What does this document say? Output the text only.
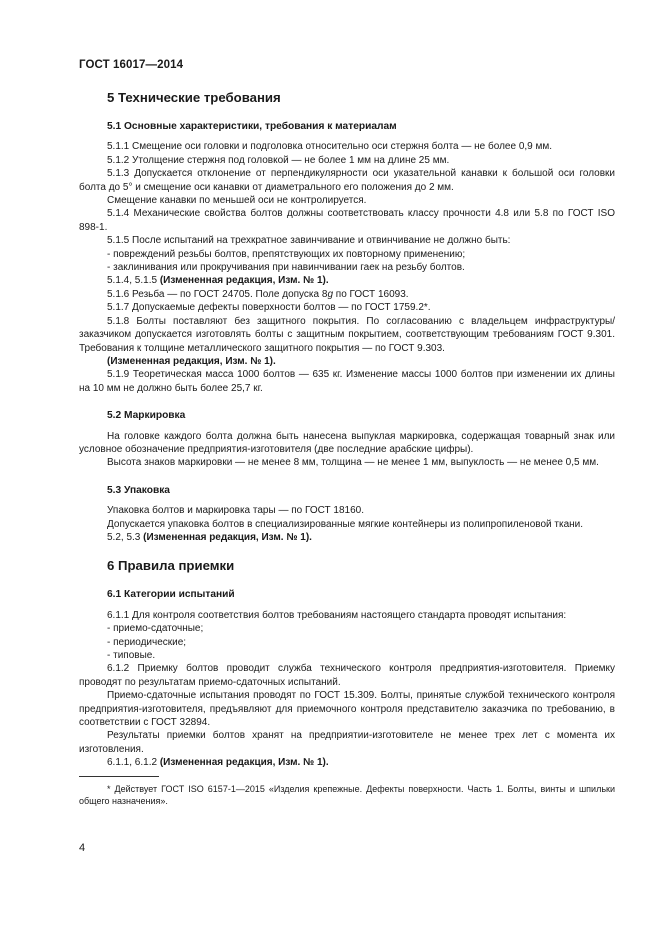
ГОСТ 16017—2014
5 Технические требования
5.1 Основные характеристики, требования к материалам

5.1.1 Смещение оси головки и подголовка относительно оси стержня болта — не более 0,9 мм.

5.1.2 Утолщение стержня под головкой — не более 1 мм на длине 25 мм.

5.1.3 Допускается отклонение от перпендикулярности оси указательной канавки к большой оси головки болта до 5° и смещение оси канавки от диаметрального его положения до 2 мм.

Смещение канавки по меньшей оси не контролируется.

5.1.4 Механические свойства болтов должны соответствовать классу прочности 4.8 или 5.8 по ГОСТ ISO 898-1.

5.1.5 После испытаний на трехкратное завинчивание и отвинчивание не должно быть:

- повреждений резьбы болтов, препятствующих их повторному применению;

- заклинивания или прокручивания при навинчивании гаек на резьбу болтов.

5.1.4, 5.1.5 (Измененная редакция, Изм. № 1).

5.1.6 Резьба — по ГОСТ 24705. Поле допуска 8g по ГОСТ 16093.

5.1.7 Допускаемые дефекты поверхности болтов — по ГОСТ 1759.2*.

5.1.8 Болты поставляют без защитного покрытия. По согласованию с владельцем инфраструктуры/заказчиком допускается изготовлять болты с защитным покрытием, соответствующим требованиям ГОСТ 9.301. Требования к толщине металлического защитного покрытия — по ГОСТ 9.303.

(Измененная редакция, Изм. № 1).

5.1.9 Теоретическая масса 1000 болтов — 635 кг. Изменение массы 1000 болтов при изменении их длины на 10 мм не должно быть более 25,7 кг.

5.2 Маркировка

На головке каждого болта должна быть нанесена выпуклая маркировка, содержащая товарный знак или условное обозначение предприятия-изготовителя (две последние арабские цифры).

Высота знаков маркировки — не менее 8 мм, толщина — не менее 1 мм, выпуклость — не менее 0,5 мм.

5.3 Упаковка

Упаковка болтов и маркировка тары — по ГОСТ 18160.

Допускается упаковка болтов в специализированные мягкие контейнеры из полипропиленовой ткани.

5.2, 5.3 (Измененная редакция, Изм. № 1).

6 Правила приемки
6.1 Категории испытаний

6.1.1 Для контроля соответствия болтов требованиям настоящего стандарта проводят испытания:

- приемо-сдаточные;

- периодические;

- типовые.

6.1.2 Приемку болтов проводит служба технического контроля предприятия-изготовителя. Приемку проводят по результатам приемо-сдаточных испытаний.

Приемо-сдаточные испытания проводят по ГОСТ 15.309. Болты, принятые службой технического контроля предприятия-изготовителя, предъявляют для приемочного контроля представителю заказчика по требованию, в соответствии с ГОСТ 32894.

Результаты приемки болтов хранят на предприятии-изготовителе не менее трех лет с момента их изготовления.

6.1.1, 6.1.2 (Измененная редакция, Изм. № 1).

* Действует ГОСТ ISO 6157-1—2015 «Изделия крепежные. Дефекты поверхности. Часть 1. Болты, винты и шпильки общего назначения».

4
